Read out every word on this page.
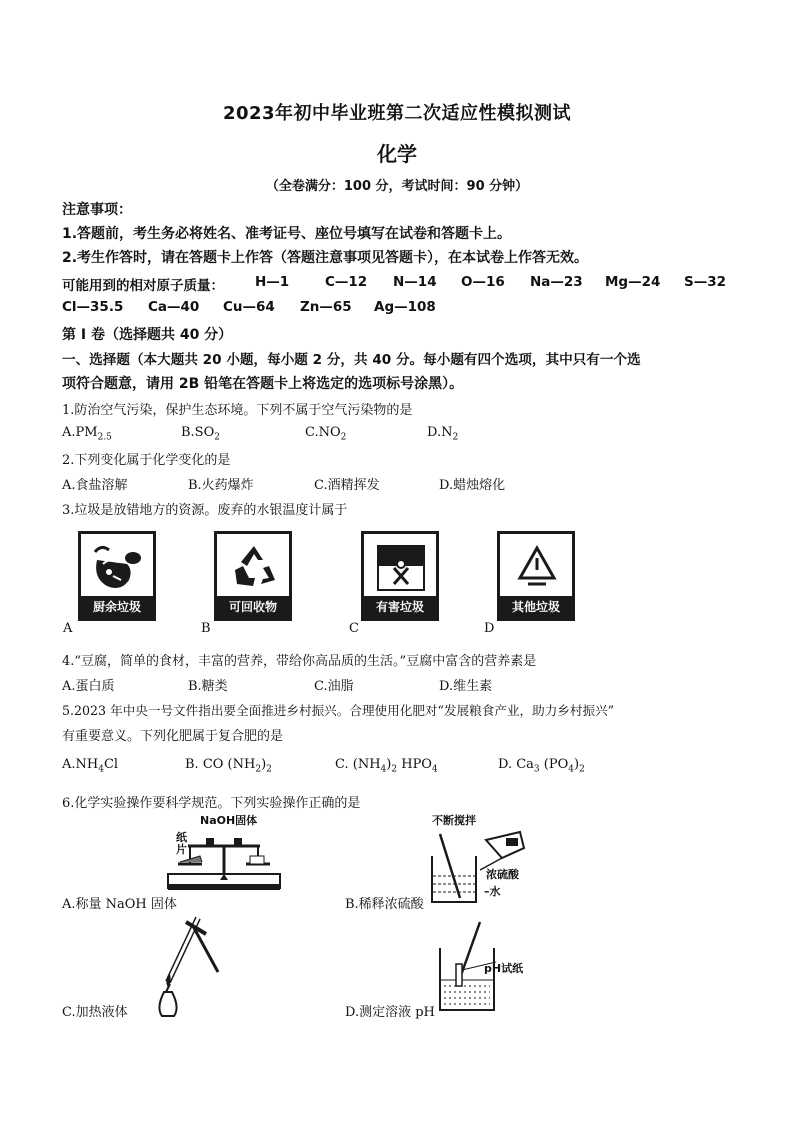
2023年初中毕业班第二次适应性模拟测试
化学
（全卷满分：100 分，考试时间：90 分钟）
注意事项：
1.答题前，考生务必将姓名、准考证号、座位号填写在试卷和答题卡上。
2.考生作答时，请在答题卡上作答（答题注意事项见答题卡），在本试卷上作答无效。
可能用到的相对原子质量： H—1	C—12 N—14 O—16 Na—23 Mg—24 S—32
Cl—35.5 Ca—40 Cu—64 Zn—65 Ag—108
第 I 卷（选择题共 40 分）
一、选择题（本大题共 20 小题，每小题 2 分，共 40 分。每小题有四个选项，其中只有一个选
项符合题意，请用 2B 铅笔在答题卡上将选定的选项标号涂黑）。
1.防治空气污染，保护生态环境。下列不属于空气污染物的是
$A.PM_{2.5}$	$B.SO_2$	$C.NO_2$	$D.N_2$
2.下列变化属于化学变化的是
A.食盐溶解	B.火药爆炸	C.酒精挥发	D.蜡烛熔化
3.垃圾是放错地方的资源。废弃的水银温度计属于
厨余垃圾
A
可回收物
B
有害垃圾
C
其他垃圾
D
4.“豆腐，简单的食材，丰富的营养，带给你高品质的生活。”豆腐中富含的营养素是
A.蛋白质	B.糖类	C.油脂	D.维生素
5.2023 年中央一号文件指出要全面推进乡村振兴。合理使用化肥对“发展粮食产业，助力乡村振兴”
有重要意义。下列化肥属于复合肥的是
$A.NH_4Cl$	B. CO $(NH_2)_2$	C. $(NH_4)_2$ $HPO_4$	D. $Ca_3$ $(PO_4)_2$
6.化学实验操作要科学规范。下列实验操作正确的是
NaOH固体
纸片
A.称量 NaOH 固体
不断搅拌
浓硫酸
–水
B.稀释浓硫酸
C.加热液体
pH试纸
D.测定溶液 pH
